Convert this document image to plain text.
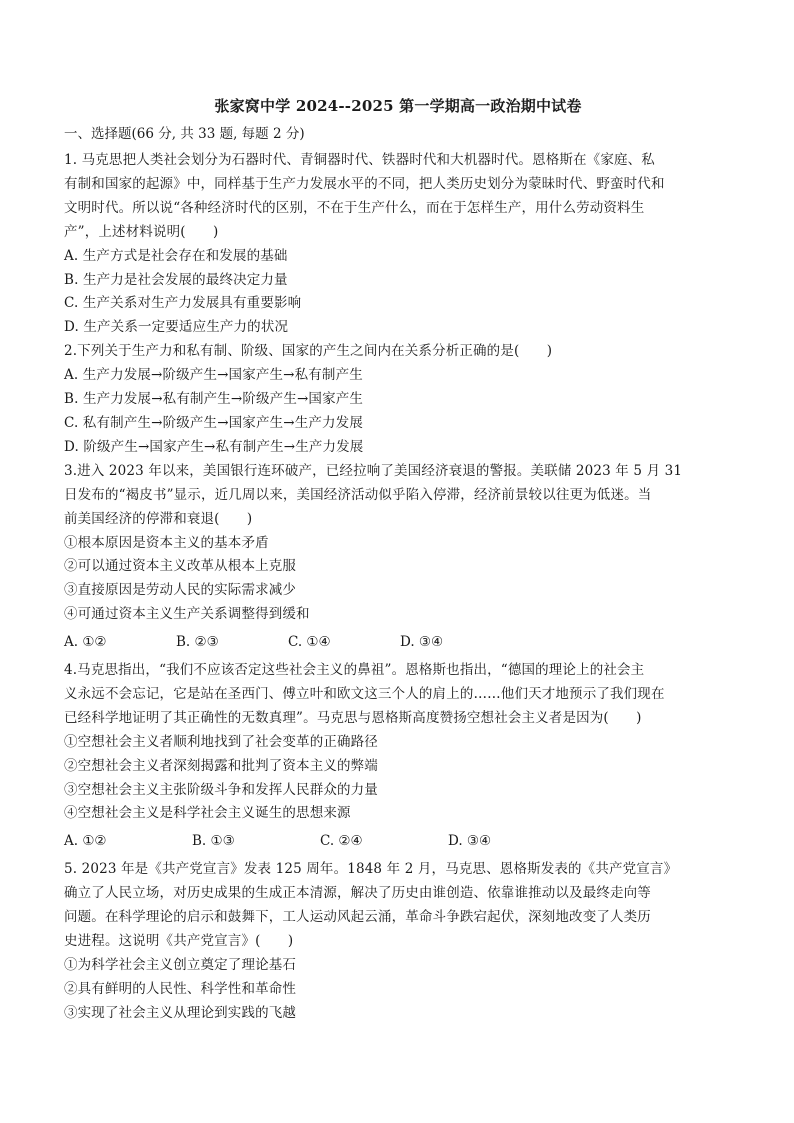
张家窝中学 2024--2025 第一学期高一政治期中试卷
一、选择题(66 分, 共 33 题, 每题 2 分)
1. 马克思把人类社会划分为石器时代、青铜器时代、铁器时代和大机器时代。恩格斯在《家庭、私
有制和国家的起源》中，同样基于生产力发展水平的不同，把人类历史划分为蒙昧时代、野蛮时代和
文明时代。所以说“各种经济时代的区别，不在于生产什么，而在于怎样生产，用什么劳动资料生
产”，上述材料说明(　　)
A. 生产方式是社会存在和发展的基础
B. 生产力是社会发展的最终决定力量
C. 生产关系对生产力发展具有重要影响
D. 生产关系一定要适应生产力的状况
2.下列关于生产力和私有制、阶级、国家的产生之间内在关系分析正确的是(　　)
A. 生产力发展→阶级产生→国家产生→私有制产生
B. 生产力发展→私有制产生→阶级产生→国家产生
C. 私有制产生→阶级产生→国家产生→生产力发展
D. 阶级产生→国家产生→私有制产生→生产力发展
3.进入 2023 年以来，美国银行连环破产，已经拉响了美国经济衰退的警报。美联储 2023 年 5 月 31
日发布的“褐皮书”显示，近几周以来，美国经济活动似乎陷入停滞，经济前景较以往更为低迷。当
前美国经济的停滞和衰退(　　)
①根本原因是资本主义的基本矛盾
②可以通过资本主义改革从根本上克服
③直接原因是劳动人民的实际需求减少
④可通过资本主义生产关系调整得到缓和
A. ①②	B. ②③	C. ①④	D. ③④
4.马克思指出，“我们不应该否定这些社会主义的鼻祖”。恩格斯也指出，“德国的理论上的社会主
义永远不会忘记，它是站在圣西门、傅立叶和欧文这三个人的肩上的……他们天才地预示了我们现在
已经科学地证明了其正确性的无数真理”。马克思与恩格斯高度赞扬空想社会主义者是因为(　　)
①空想社会主义者顺利地找到了社会变革的正确路径
②空想社会主义者深刻揭露和批判了资本主义的弊端
③空想社会主义主张阶级斗争和发挥人民群众的力量
④空想社会主义是科学社会主义诞生的思想来源
A. ①②	B. ①③	C. ②④	D. ③④
5. 2023 年是《共产党宣言》发表 125 周年。1848 年 2 月，马克思、恩格斯发表的《共产党宣言》
确立了人民立场，对历史成果的生成正本清源，解决了历史由谁创造、依靠谁推动以及最终走向等
问题。在科学理论的启示和鼓舞下，工人运动风起云涌，革命斗争跌宕起伏，深刻地改变了人类历
史进程。这说明《共产党宣言》(　　)
①为科学社会主义创立奠定了理论基石
②具有鲜明的人民性、科学性和革命性
③实现了社会主义从理论到实践的飞越
